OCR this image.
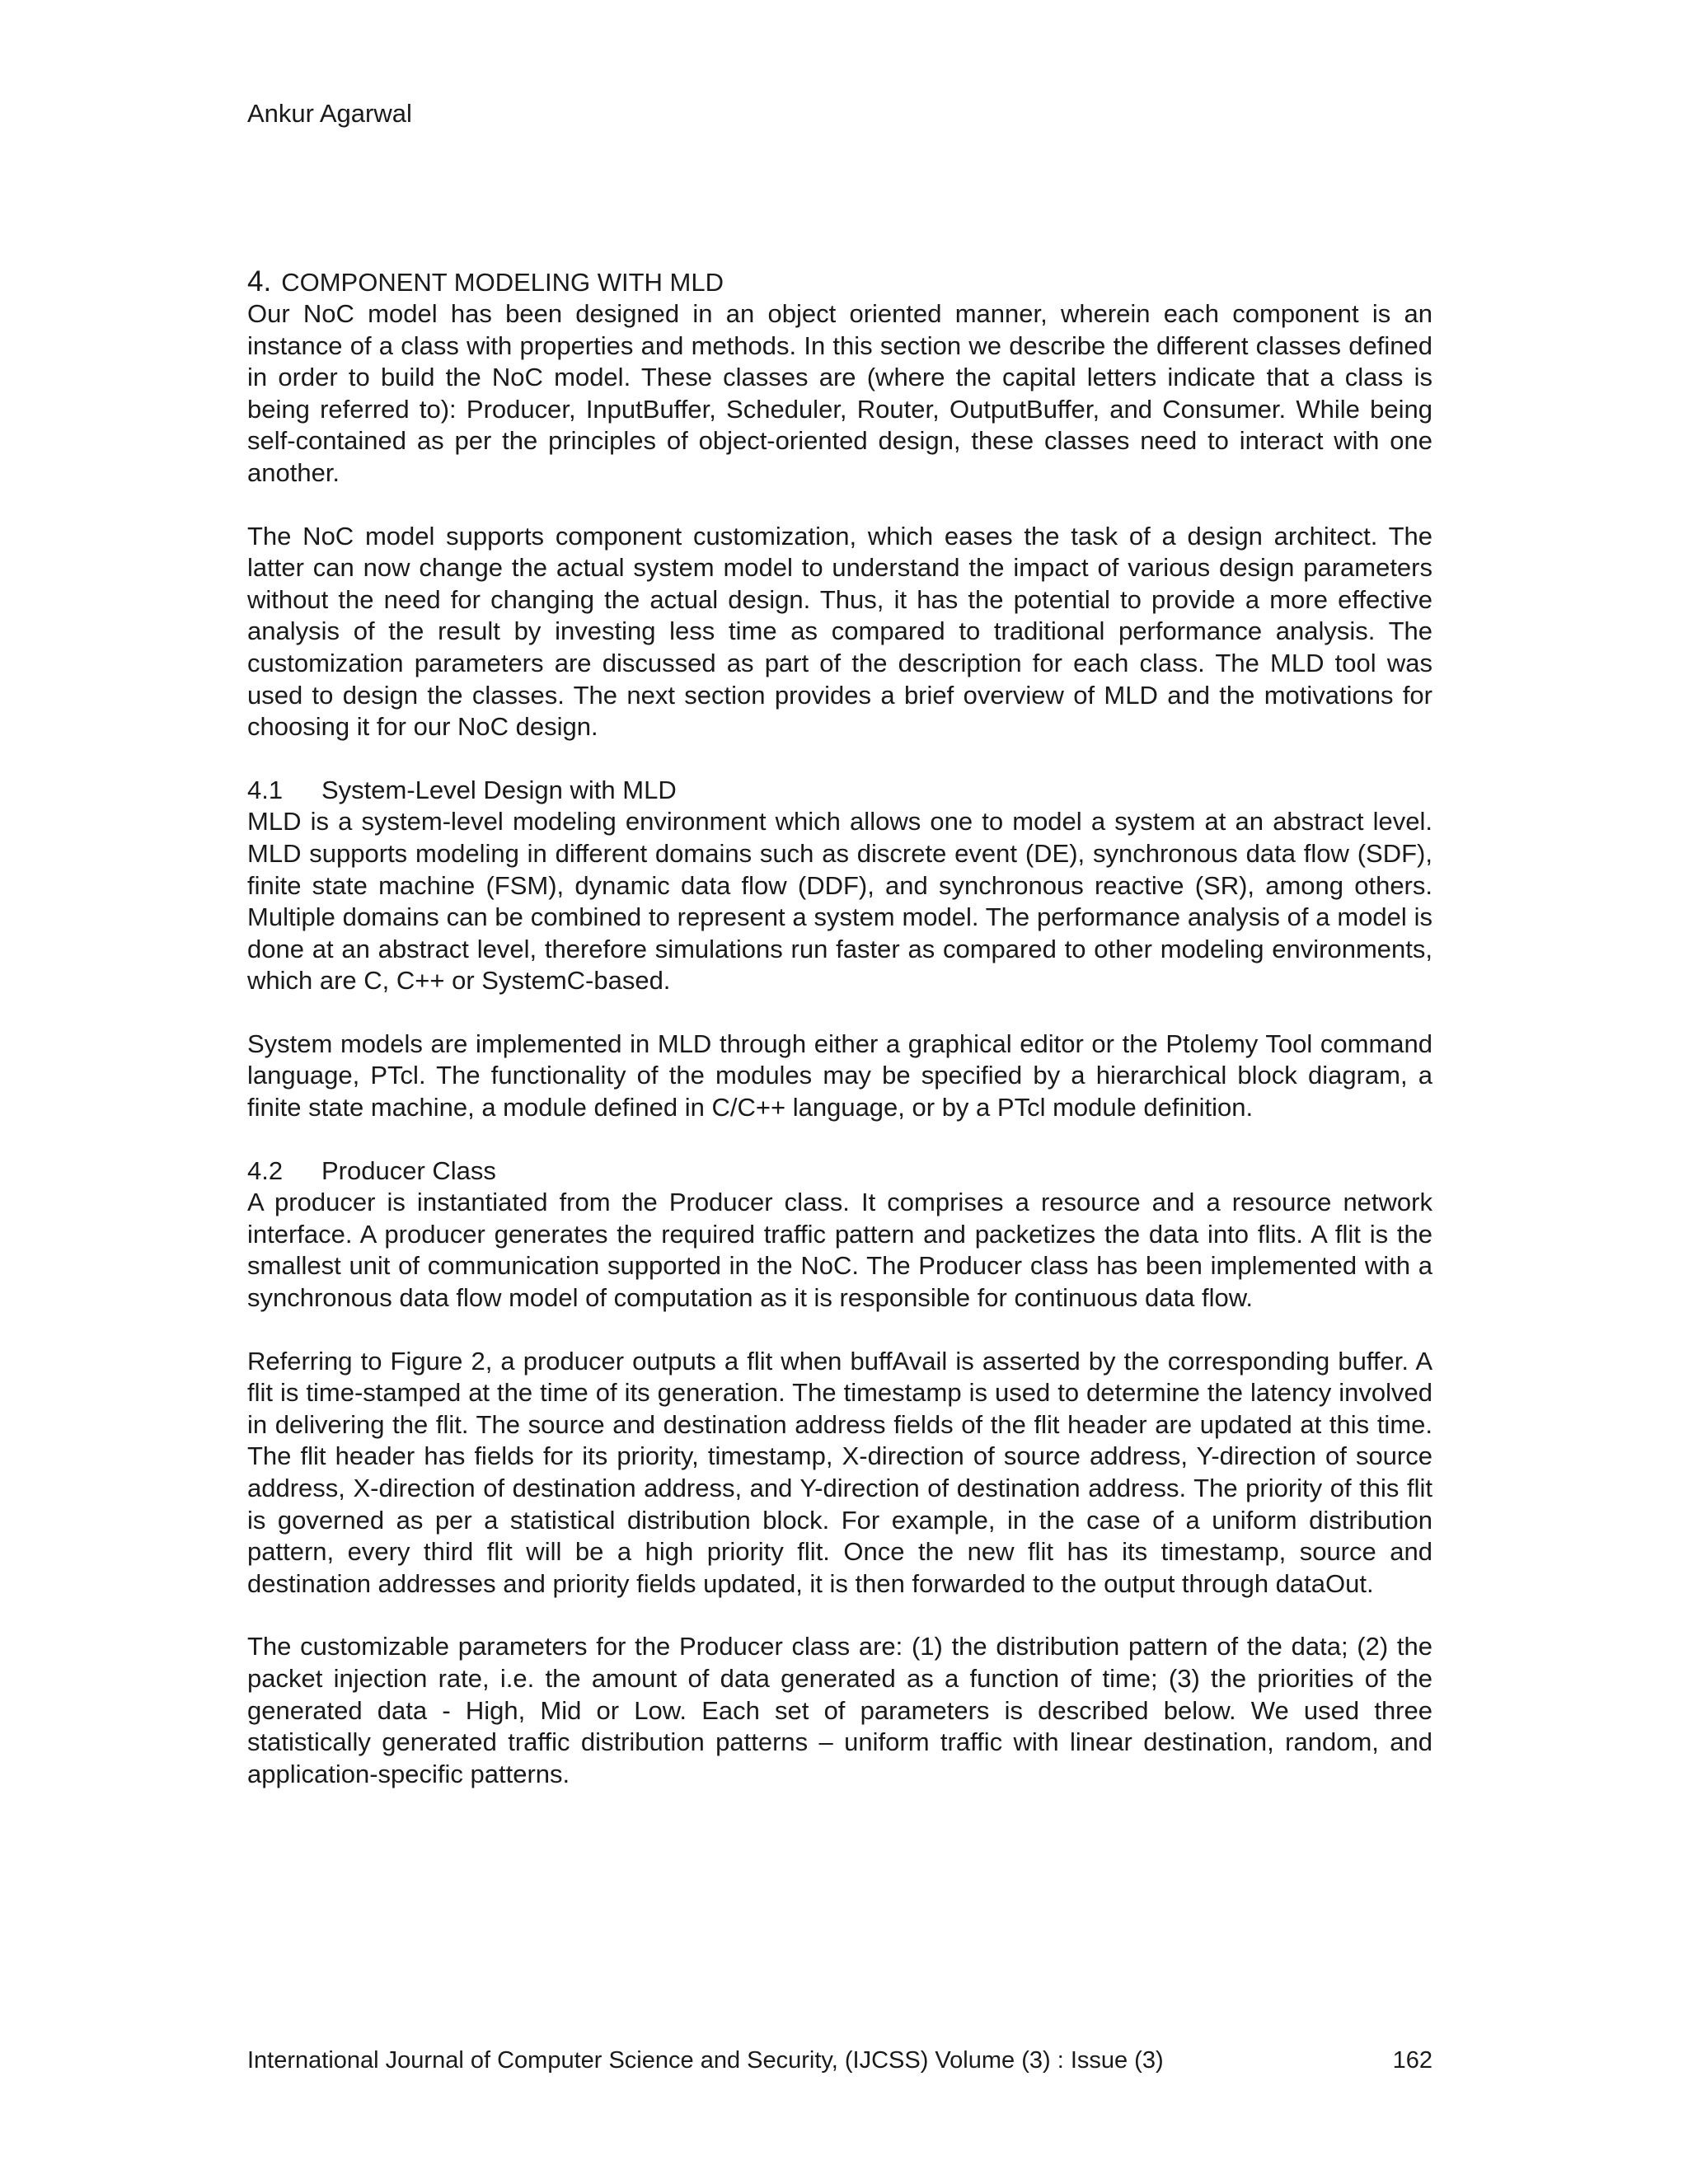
Ankur Agarwal

4. COMPONENT MODELING WITH MLD

Our NoC model has been designed in an object oriented manner, wherein each component is an instance of a class with properties and methods. In this section we describe the different classes defined in order to build the NoC model. These classes are (where the capital letters indicate that a class is being referred to): Producer, InputBuffer, Scheduler, Router, OutputBuffer, and Consumer. While being self-contained as per the principles of object-oriented design, these classes need to interact with one another.

The NoC model supports component customization, which eases the task of a design architect. The latter can now change the actual system model to understand the impact of various design parameters without the need for changing the actual design. Thus, it has the potential to provide a more effective analysis of the result by investing less time as compared to traditional performance analysis. The customization parameters are discussed as part of the description for each class. The MLD tool was used to design the classes. The next section provides a brief overview of MLD and the motivations for choosing it for our NoC design.

4.1 System-Level Design with MLD

MLD is a system-level modeling environment which allows one to model a system at an abstract level. MLD supports modeling in different domains such as discrete event (DE), synchronous data flow (SDF), finite state machine (FSM), dynamic data flow (DDF), and synchronous reactive (SR), among others. Multiple domains can be combined to represent a system model. The performance analysis of a model is done at an abstract level, therefore simulations run faster as compared to other modeling environments, which are C, C++ or SystemC-based.

System models are implemented in MLD through either a graphical editor or the Ptolemy Tool command language, PTcl. The functionality of the modules may be specified by a hierarchical block diagram, a finite state machine, a module defined in C/C++ language, or by a PTcl module definition.

4.2 Producer Class

A producer is instantiated from the Producer class. It comprises a resource and a resource network interface. A producer generates the required traffic pattern and packetizes the data into flits. A flit is the smallest unit of communication supported in the NoC. The Producer class has been implemented with a synchronous data flow model of computation as it is responsible for continuous data flow.

Referring to Figure 2, a producer outputs a flit when buffAvail is asserted by the corresponding buffer. A flit is time-stamped at the time of its generation. The timestamp is used to determine the latency involved in delivering the flit. The source and destination address fields of the flit header are updated at this time. The flit header has fields for its priority, timestamp, X-direction of source address, Y-direction of source address, X-direction of destination address, and Y-direction of destination address. The priority of this flit is governed as per a statistical distribution block. For example, in the case of a uniform distribution pattern, every third flit will be a high priority flit. Once the new flit has its timestamp, source and destination addresses and priority fields updated, it is then forwarded to the output through dataOut.

The customizable parameters for the Producer class are: (1) the distribution pattern of the data; (2) the packet injection rate, i.e. the amount of data generated as a function of time; (3) the priorities of the generated data - High, Mid or Low. Each set of parameters is described below. We used three statistically generated traffic distribution patterns – uniform traffic with linear destination, random, and application-specific patterns.

International Journal of Computer Science and Security, (IJCSS) Volume (3) : Issue (3)	162
